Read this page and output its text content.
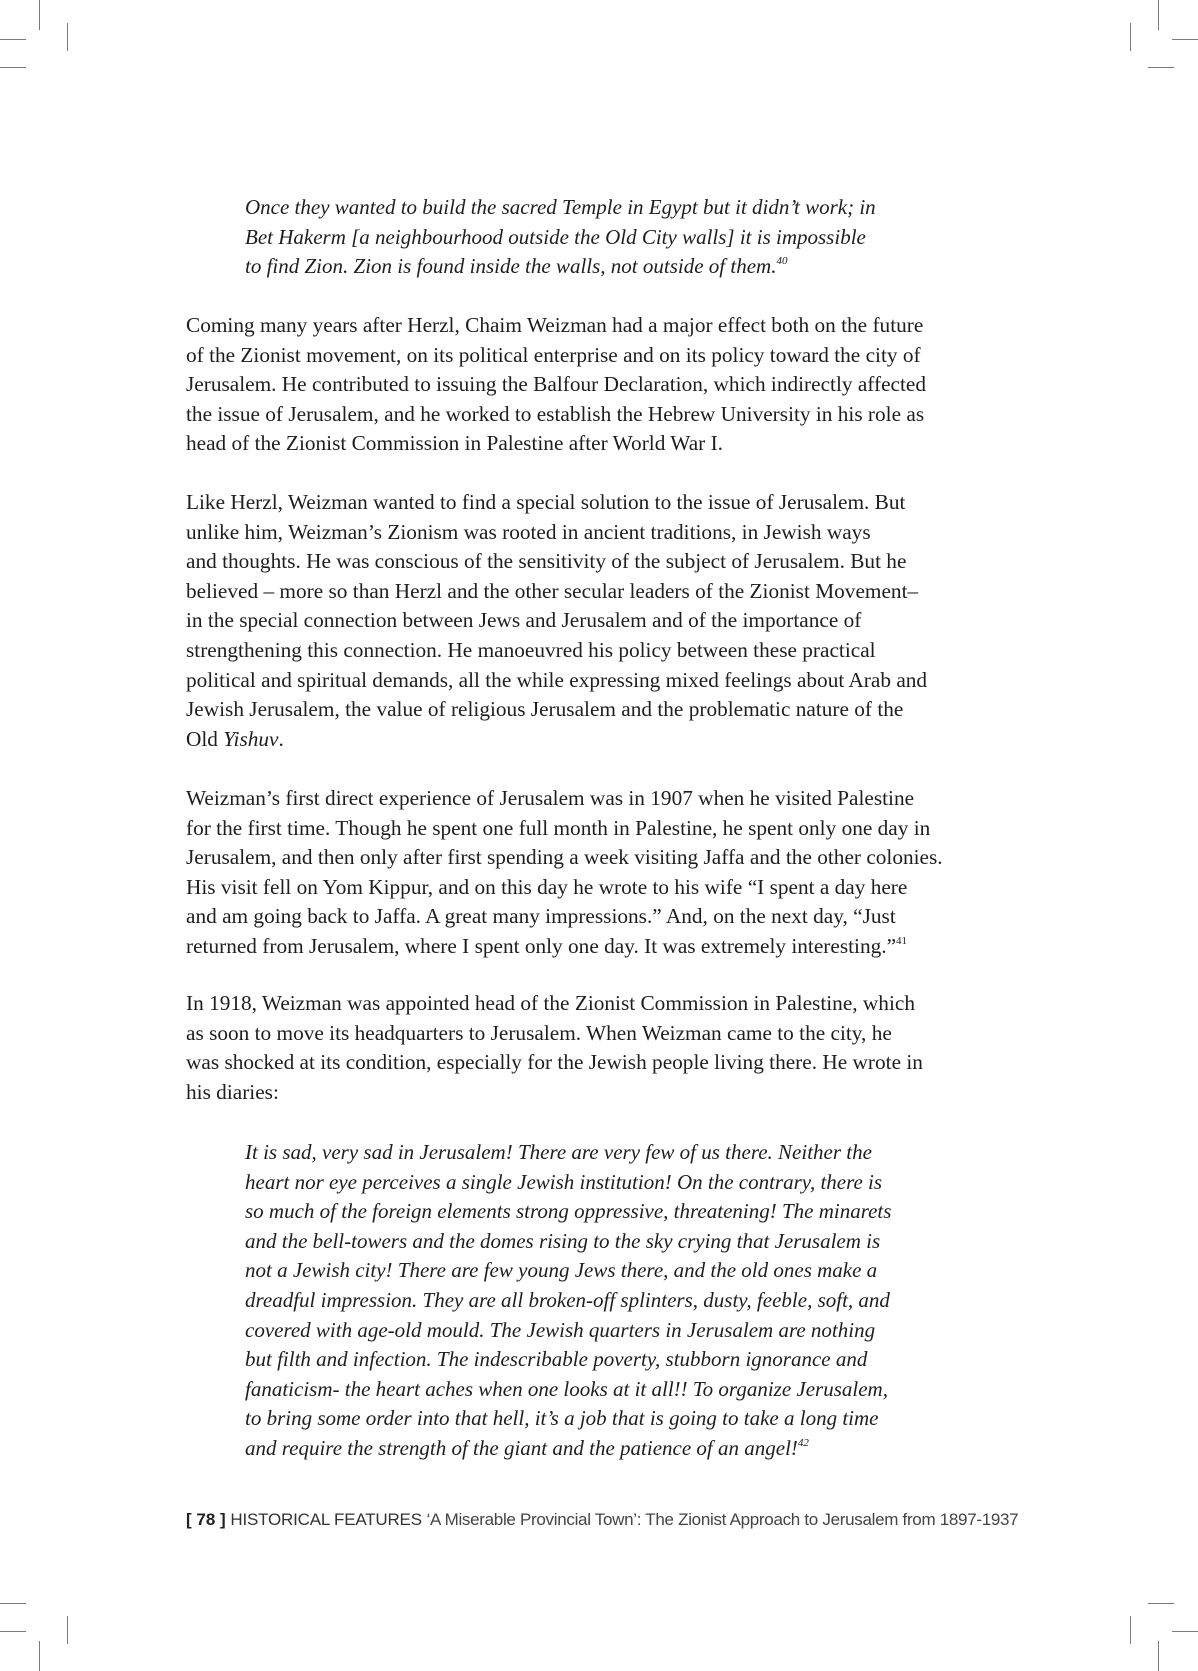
Once they wanted to build the sacred Temple in Egypt but it didn’t work; in
Bet Hakerm [a neighbourhood outside the Old City walls] it is impossible
to find Zion. Zion is found inside the walls, not outside of them.$^{40}$
Coming many years after Herzl, Chaim Weizman had a major effect both on the future
of the Zionist movement, on its political enterprise and on its policy toward the city of
Jerusalem. He contributed to issuing the Balfour Declaration, which indirectly affected
the issue of Jerusalem, and he worked to establish the Hebrew University in his role as
head of the Zionist Commission in Palestine after World War I.
Like Herzl, Weizman wanted to find a special solution to the issue of Jerusalem. But
unlike him, Weizman’s Zionism was rooted in ancient traditions, in Jewish ways
and thoughts. He was conscious of the sensitivity of the subject of Jerusalem. But he
believed – more so than Herzl and the other secular leaders of the Zionist Movement–
in the special connection between Jews and Jerusalem and of the importance of
strengthening this connection. He manoeuvred his policy between these practical
political and spiritual demands, all the while expressing mixed feelings about Arab and
Jewish Jerusalem, the value of religious Jerusalem and the problematic nature of the
Old Yishuv.
Weizman’s first direct experience of Jerusalem was in 1907 when he visited Palestine
for the first time. Though he spent one full month in Palestine, he spent only one day in
Jerusalem, and then only after first spending a week visiting Jaffa and the other colonies.
His visit fell on Yom Kippur, and on this day he wrote to his wife “I spent a day here
and am going back to Jaffa. A great many impressions.” And, on the next day, “Just
returned from Jerusalem, where I spent only one day. It was extremely interesting.”$^{41}$
In 1918, Weizman was appointed head of the Zionist Commission in Palestine, which
as soon to move its headquarters to Jerusalem. When Weizman came to the city, he
was shocked at its condition, especially for the Jewish people living there. He wrote in
his diaries:
It is sad, very sad in Jerusalem! There are very few of us there. Neither the
heart nor eye perceives a single Jewish institution! On the contrary, there is
so much of the foreign elements strong oppressive, threatening! The minarets
and the bell-towers and the domes rising to the sky crying that Jerusalem is
not a Jewish city! There are few young Jews there, and the old ones make a
dreadful impression. They are all broken-off splinters, dusty, feeble, soft, and
covered with age-old mould. The Jewish quarters in Jerusalem are nothing
but filth and infection. The indescribable poverty, stubborn ignorance and
fanaticism- the heart aches when one looks at it all!! To organize Jerusalem,
to bring some order into that hell, it’s a job that is going to take a long time
and require the strength of the giant and the patience of an angel!$^{42}$
[ 78 ] HISTORICAL FEATURES ‘A Miserable Provincial Town’: The Zionist Approach to Jerusalem from 1897-1937
